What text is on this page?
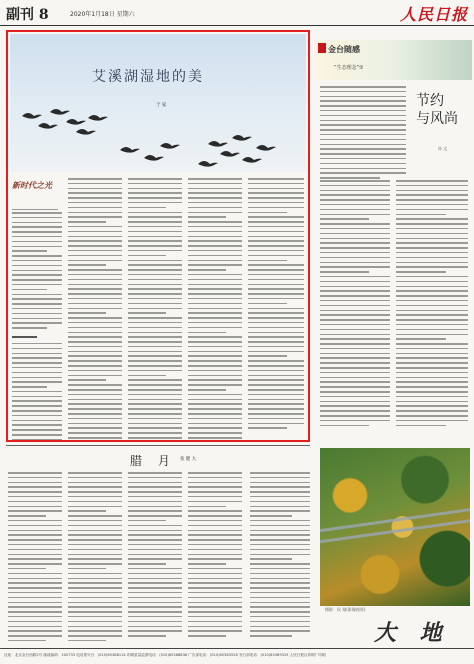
副刊 8	2020年1月18日 星期六	人民日报
艾溪湖湿地的美
于 家
新时代之光
金台随感
“生态理念”②
节约
与风尚
孙 文
腊 月 张 健 九
摄影：侯 翔(影像视界)
大 地
社址：北京金台西路2号 邮政编码：100733 电话查号台：(010)65368114 印刷质量监督电话：(010)65368836 广告部电话：(010)65363526 发行部电话：(010)65369319 人民日报社印刷厂印刷
